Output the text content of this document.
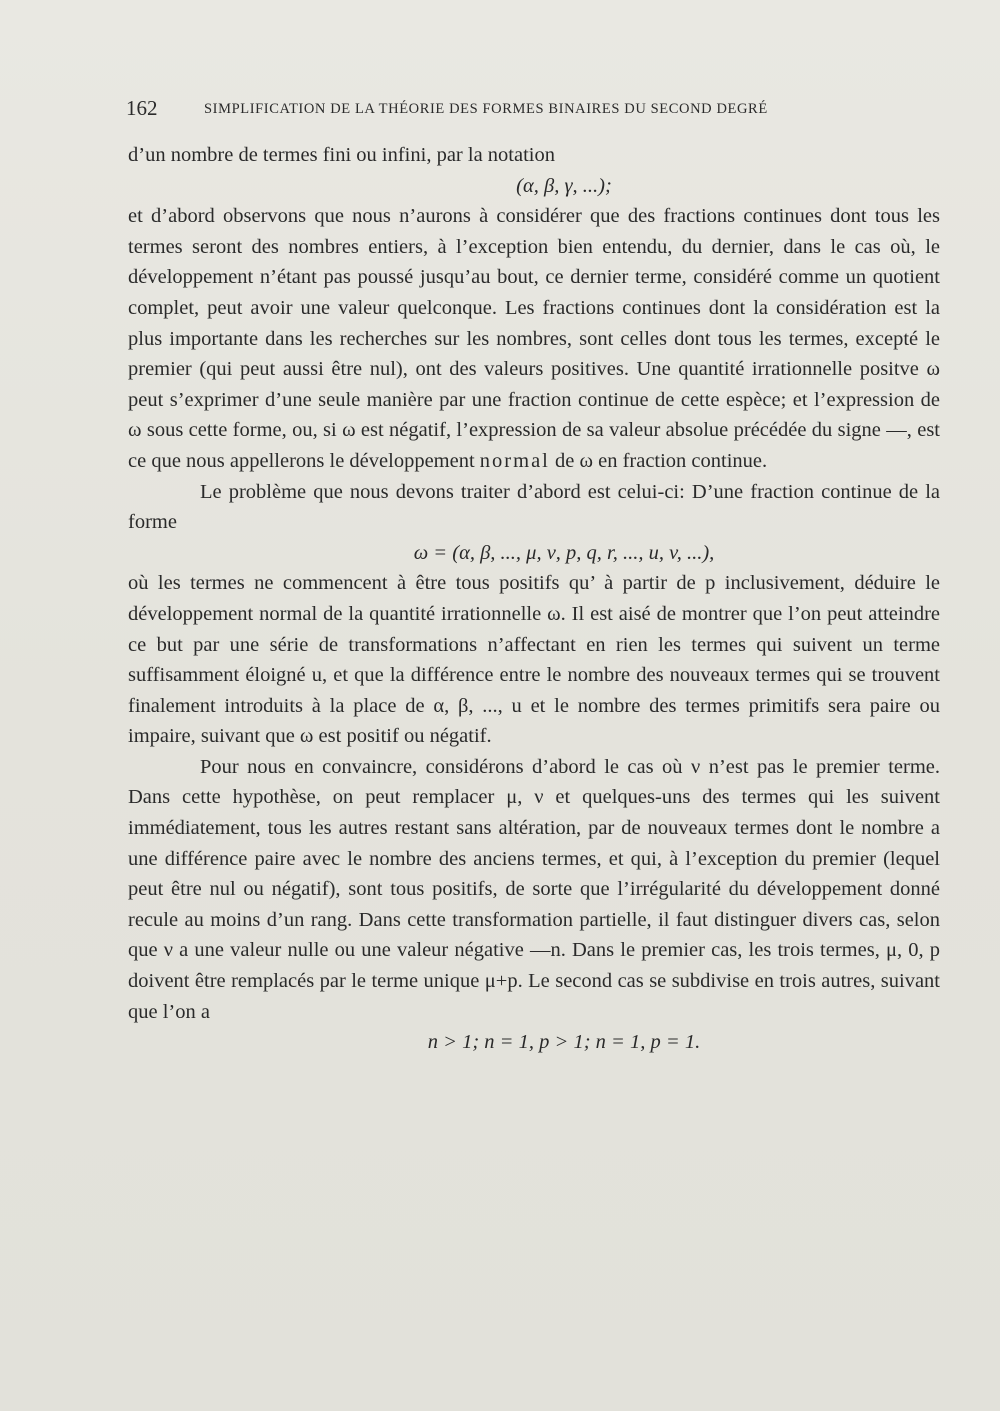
162	SIMPLIFICATION DE LA THÉORIE DES FORMES BINAIRES DU SECOND DEGRÉ

d’un nombre de termes fini ou infini, par la notation

(α, β, γ, ...);

et d’abord observons que nous n’aurons à considérer que des fractions continues dont tous les termes seront des nombres entiers, à l’exception bien entendu, du dernier, dans le cas où, le développement n’étant pas poussé jusqu’au bout, ce dernier terme, considéré comme un quotient complet, peut avoir une valeur quelconque. Les fractions continues dont la considération est la plus importante dans les recherches sur les nombres, sont celles dont tous les termes, excepté le premier (qui peut aussi être nul), ont des valeurs positives. Une quantité irrationnelle positve ω peut s’exprimer d’une seule manière par une fraction continue de cette espèce; et l’expression de ω sous cette forme, ou, si ω est négatif, l’expression de sa valeur absolue précédée du signe —, est ce que nous appellerons le développement normal de ω en fraction continue.

Le problème que nous devons traiter d’abord est celui-ci: D’une fraction continue de la forme

ω = (α, β, ..., μ, ν, p, q, r, ..., u, v, ...),

où les termes ne commencent à être tous positifs qu’ à partir de p inclusivement, déduire le développement normal de la quantité irrationnelle ω. Il est aisé de montrer que l’on peut atteindre ce but par une série de transformations n’affectant en rien les termes qui suivent un terme suffisamment éloigné u, et que la différence entre le nombre des nouveaux termes qui se trouvent finalement introduits à la place de α, β, ..., u et le nombre des termes primitifs sera paire ou impaire, suivant que ω est positif ou négatif.

Pour nous en convaincre, considérons d’abord le cas où ν n’est pas le premier terme. Dans cette hypothèse, on peut remplacer μ, ν et quelques-uns des termes qui les suivent immédiatement, tous les autres restant sans altération, par de nouveaux termes dont le nombre a une différence paire avec le nombre des anciens termes, et qui, à l’exception du premier (lequel peut être nul ou négatif), sont tous positifs, de sorte que l’irrégularité du développement donné recule au moins d’un rang. Dans cette transformation partielle, il faut distinguer divers cas, selon que ν a une valeur nulle ou une valeur négative —n. Dans le premier cas, les trois termes, μ, 0, p doivent être remplacés par le terme unique μ+p. Le second cas se subdivise en trois autres, suivant que l’on a

n > 1; n = 1, p > 1; n = 1, p = 1.
